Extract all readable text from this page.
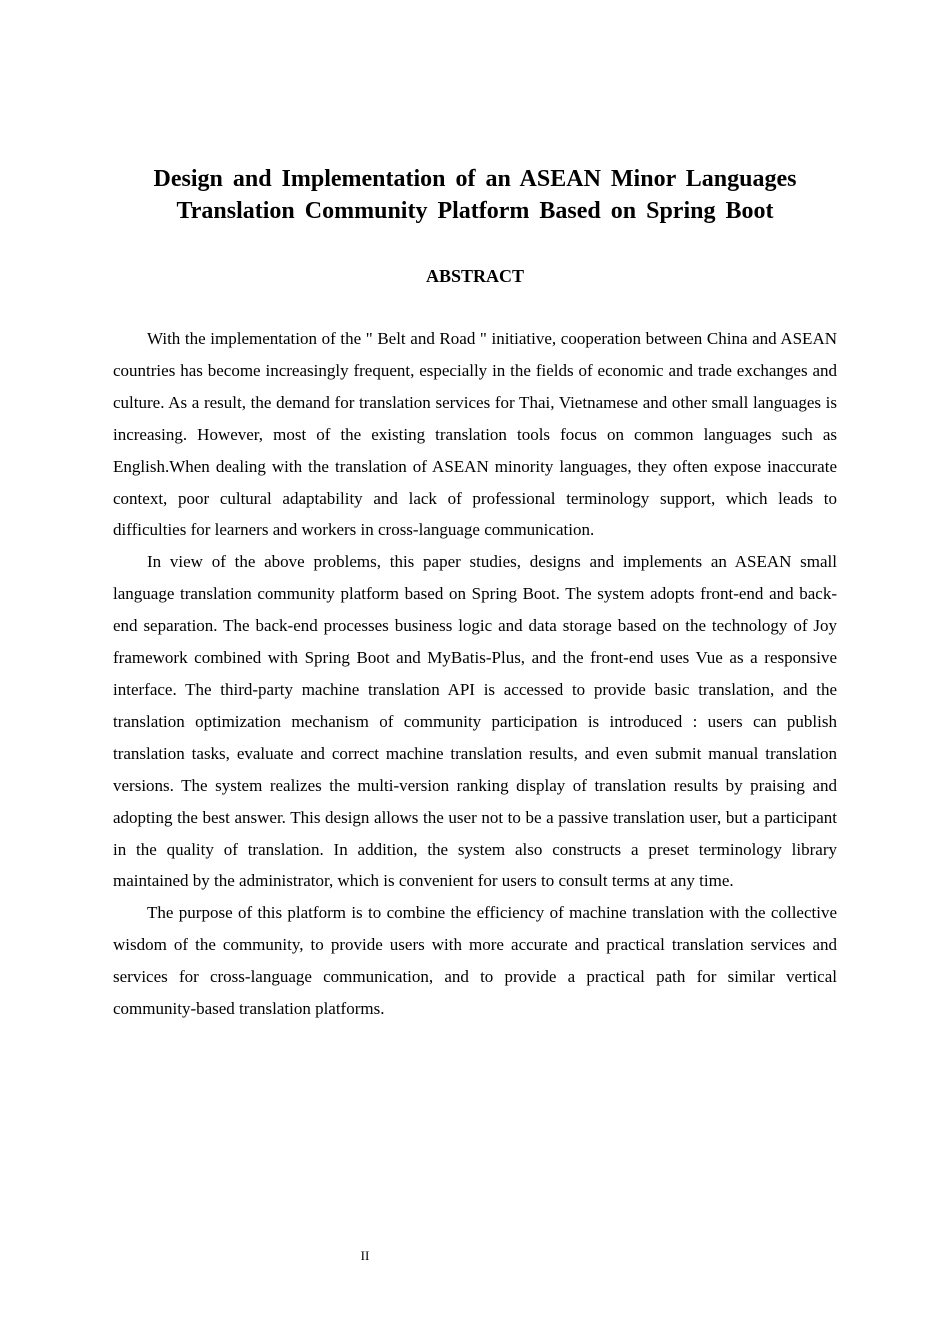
Design and Implementation of an ASEAN Minor Languages
Translation Community Platform Based on Spring Boot
ABSTRACT

With the implementation of the " Belt and Road " initiative, cooperation between China and ASEAN countries has become increasingly frequent, especially in the fields of economic and trade exchanges and culture. As a result, the demand for translation services for Thai, Vietnamese and other small languages is increasing. However, most of the existing translation tools focus on common languages such as English.When dealing with the translation of ASEAN minority languages, they often expose inaccurate context, poor cultural adaptability and lack of professional terminology support, which leads to difficulties for learners and workers in cross-language communication.

In view of the above problems, this paper studies, designs and implements an ASEAN small language translation community platform based on Spring Boot. The system adopts front-end and back-end separation. The back-end processes business logic and data storage based on the technology of Joy framework combined with Spring Boot and MyBatis-Plus, and the front-end uses Vue as a responsive interface. The third-party machine translation API is accessed to provide basic translation, and the translation optimization mechanism of community participation is introduced : users can publish translation tasks, evaluate and correct machine translation results, and even submit manual translation versions. The system realizes the multi-version ranking display of translation results by praising and adopting the best answer. This design allows the user not to be a passive translation user, but a participant in the quality of translation. In addition, the system also constructs a preset terminology library maintained by the administrator, which is convenient for users to consult terms at any time.

The purpose of this platform is to combine the efficiency of machine translation with the collective wisdom of the community, to provide users with more accurate and practical translation services and services for cross-language communication, and to provide a practical path for similar vertical community-based translation platforms.

II
